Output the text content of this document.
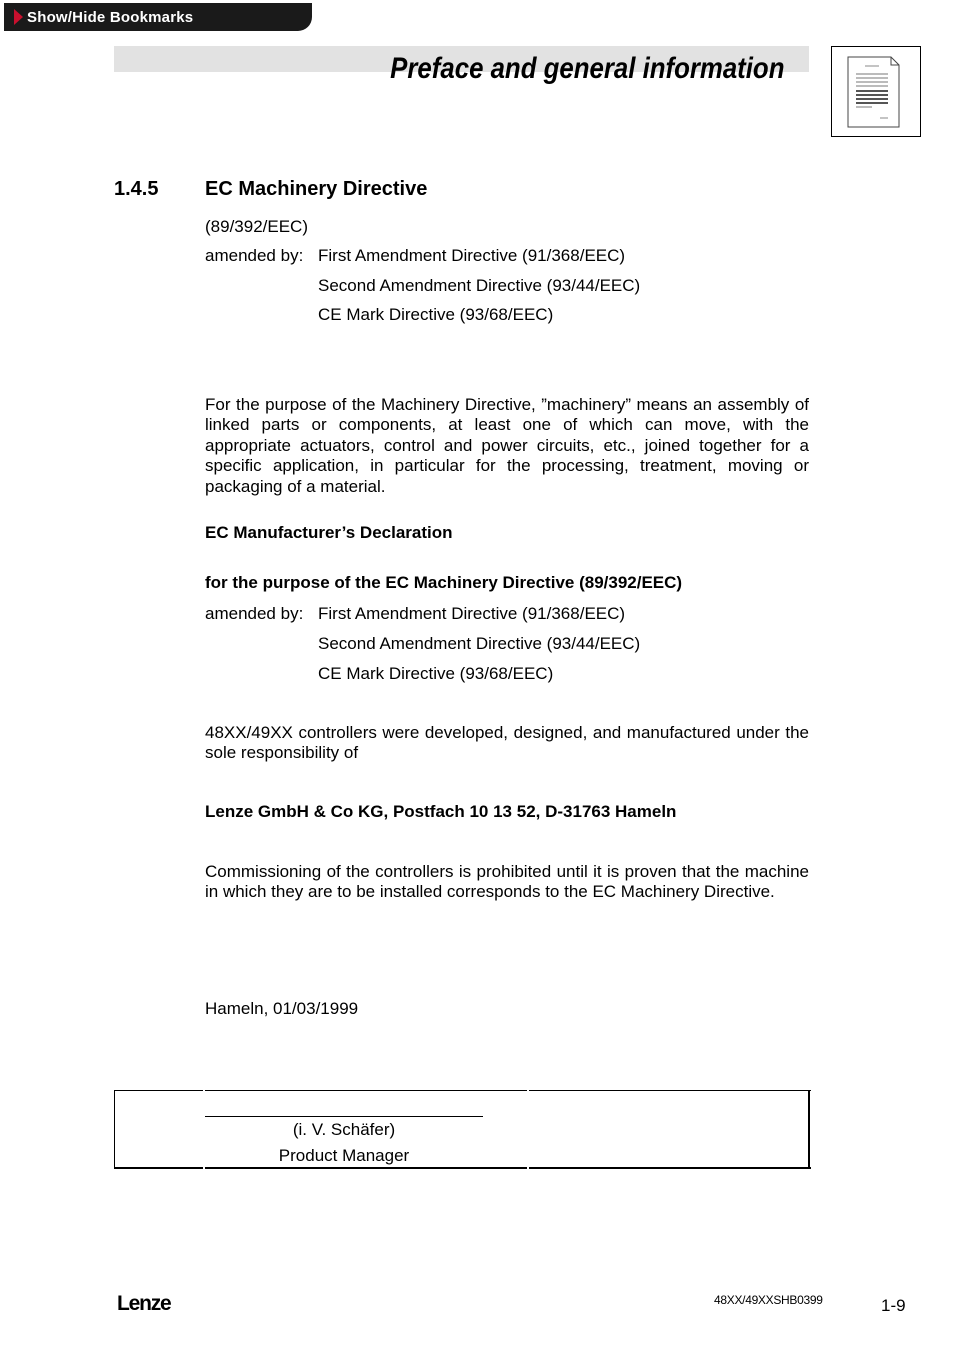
Show/Hide Bookmarks
Preface and general information
1.4.5 EC Machinery Directive
(89/392/EEC)
amended by: First Amendment Directive (91/368/EEC)
Second Amendment Directive (93/44/EEC)
CE Mark Directive (93/68/EEC)
For the purpose of the Machinery Directive, ”machinery” means an assembly of linked parts or components, at least one of which can move, with the appropriate actuators, control and power circuits, etc., joined together for a specific application, in particular for the processing, treatment, moving or packaging of a material.
EC Manufacturer’s Declaration
for the purpose of the EC Machinery Directive (89/392/EEC)
amended by: First Amendment Directive (91/368/EEC)
Second Amendment Directive (93/44/EEC)
CE Mark Directive (93/68/EEC)
48XX/49XX controllers were developed, designed, and manufactured under the sole responsibility of
Lenze GmbH & Co KG, Postfach 10 13 52, D-31763 Hameln
Commissioning of the controllers is prohibited until it is proven that the machine in which they are to be installed corresponds to the EC Machinery Directive.
Hameln, 01/03/1999
(i. V. Schäfer)
Product Manager
Lenze	48XX/49XXSHB0399	1-9
